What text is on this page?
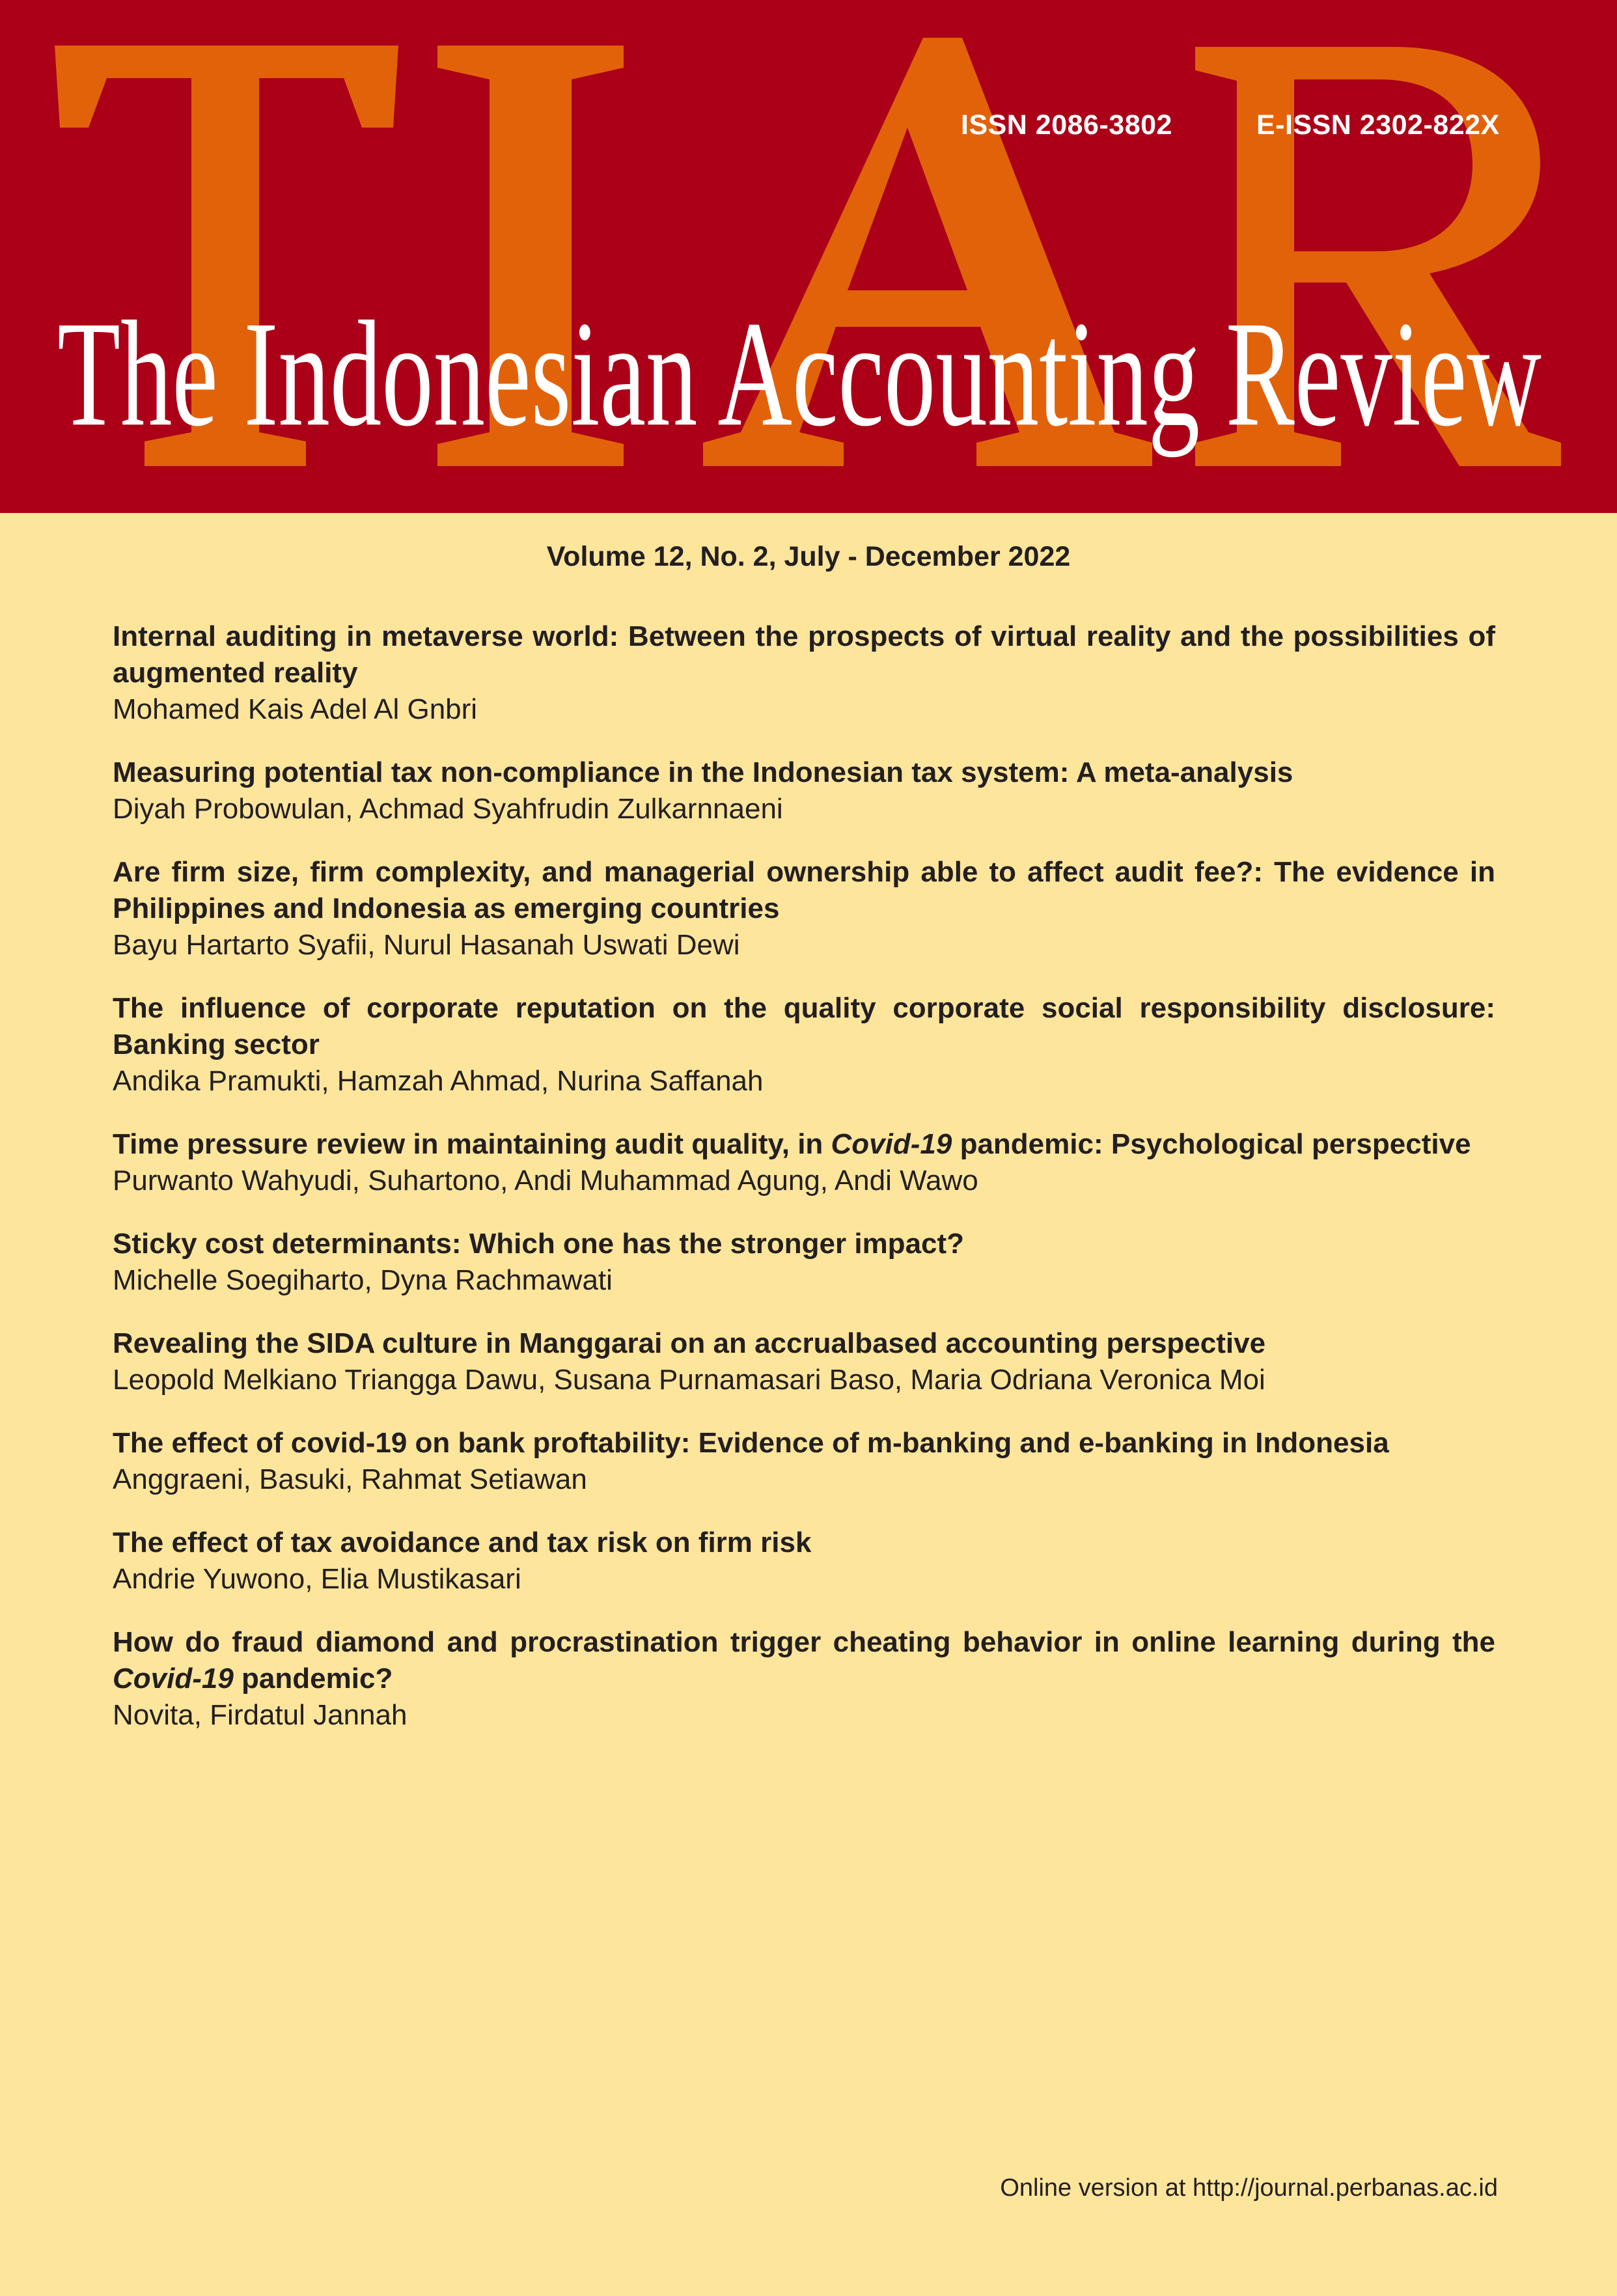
ISSN 2086-3802	E-ISSN 2302-822X
The Indonesian Accounting Review
Volume 12, No. 2, July - December 2022
Internal auditing in metaverse world: Between the prospects of virtual reality and the possibilities of augmented reality
Mohamed Kais Adel Al Gnbri
Measuring potential tax non-compliance in the Indonesian tax system: A meta-analysis
Diyah Probowulan, Achmad Syahfrudin Zulkarnnaeni
Are firm size, firm complexity, and managerial ownership able to affect audit fee?: The evidence in Philippines and Indonesia as emerging countries
Bayu Hartarto Syafii, Nurul Hasanah Uswati Dewi
The influence of corporate reputation on the quality corporate social responsibility disclosure: Banking sector
Andika Pramukti, Hamzah Ahmad, Nurina Saffanah
Time pressure review in maintaining audit quality, in Covid-19 pandemic: Psychological perspective
Purwanto Wahyudi, Suhartono, Andi Muhammad Agung, Andi Wawo
Sticky cost determinants: Which one has the stronger impact?
Michelle Soegiharto, Dyna Rachmawati
Revealing the SIDA culture in Manggarai on an accrualbased accounting perspective
Leopold Melkiano Triangga Dawu, Susana Purnamasari Baso, Maria Odriana Veronica Moi
The effect of covid-19 on bank proftability: Evidence of m-banking and e-banking in Indonesia
Anggraeni, Basuki, Rahmat Setiawan
The effect of tax avoidance and tax risk on firm risk
Andrie Yuwono, Elia Mustikasari
How do fraud diamond and procrastination trigger cheating behavior in online learning during the Covid-19 pandemic?
Novita, Firdatul Jannah
Online version at http://journal.perbanas.ac.id
